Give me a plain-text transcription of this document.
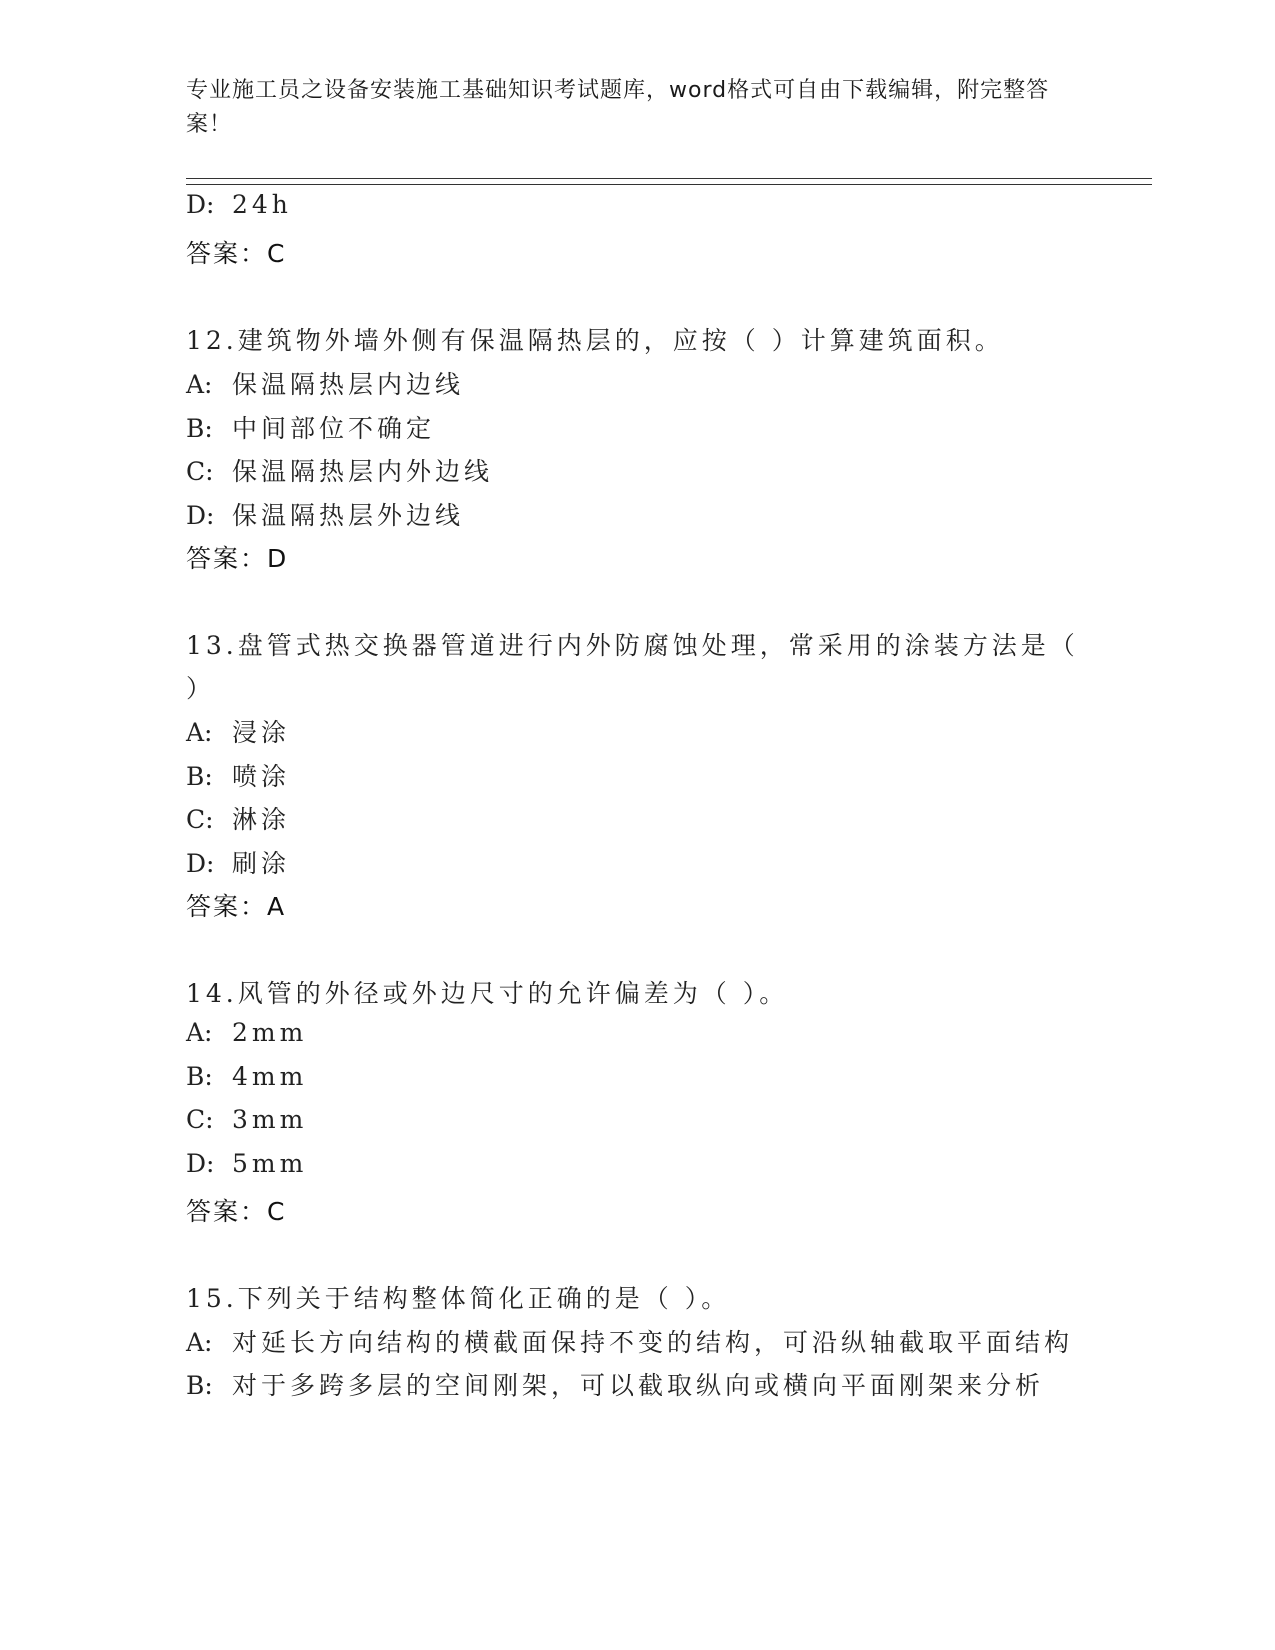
专业施工员之设备安装施工基础知识考试题库，word格式可自由下载编辑，附完整答案！
D: 24h
答案：C
12.建筑物外墙外侧有保温隔热层的，应按（ ）计算建筑面积。
A: 保温隔热层内边线
B: 中间部位不确定
C: 保温隔热层内外边线
D: 保温隔热层外边线
答案：D
13.盘管式热交换器管道进行内外防腐蚀处理，常采用的涂装方法是（
）
A: 浸涂
B: 喷涂
C: 淋涂
D: 刷涂
答案：A
14.风管的外径或外边尺寸的允许偏差为（ ）。
A: 2mm
B: 4mm
C: 3mm
D: 5mm
答案：C
15.下列关于结构整体简化正确的是（ ）。
A: 对延长方向结构的横截面保持不变的结构，可沿纵轴截取平面结构
B: 对于多跨多层的空间刚架，可以截取纵向或横向平面刚架来分析
